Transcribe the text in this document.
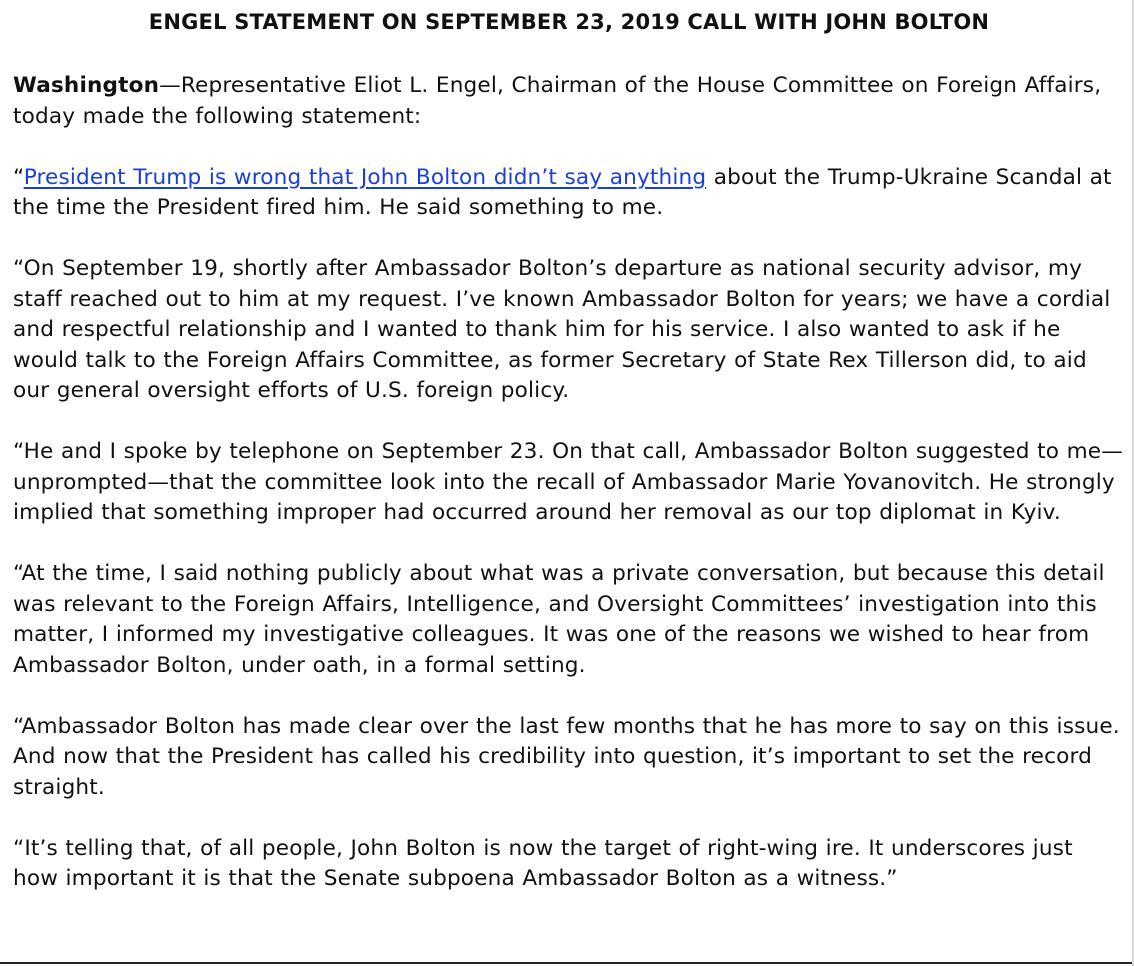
ENGEL STATEMENT ON SEPTEMBER 23, 2019 CALL WITH JOHN BOLTON

Washington—Representative Eliot L. Engel, Chairman of the House Committee on Foreign Affairs, today made the following statement:

“President Trump is wrong that John Bolton didn’t say anything about the Trump-Ukraine Scandal at the time the President fired him. He said something to me.

“On September 19, shortly after Ambassador Bolton’s departure as national security advisor, my staff reached out to him at my request. I’ve known Ambassador Bolton for years; we have a cordial and respectful relationship and I wanted to thank him for his service. I also wanted to ask if he would talk to the Foreign Affairs Committee, as former Secretary of State Rex Tillerson did, to aid our general oversight efforts of U.S. foreign policy.

“He and I spoke by telephone on September 23. On that call, Ambassador Bolton suggested to me—unprompted—that the committee look into the recall of Ambassador Marie Yovanovitch. He strongly implied that something improper had occurred around her removal as our top diplomat in Kyiv.

“At the time, I said nothing publicly about what was a private conversation, but because this detail was relevant to the Foreign Affairs, Intelligence, and Oversight Committees’ investigation into this matter, I informed my investigative colleagues. It was one of the reasons we wished to hear from Ambassador Bolton, under oath, in a formal setting.

“Ambassador Bolton has made clear over the last few months that he has more to say on this issue. And now that the President has called his credibility into question, it’s important to set the record straight.

“It’s telling that, of all people, John Bolton is now the target of right-wing ire. It underscores just how important it is that the Senate subpoena Ambassador Bolton as a witness.”
